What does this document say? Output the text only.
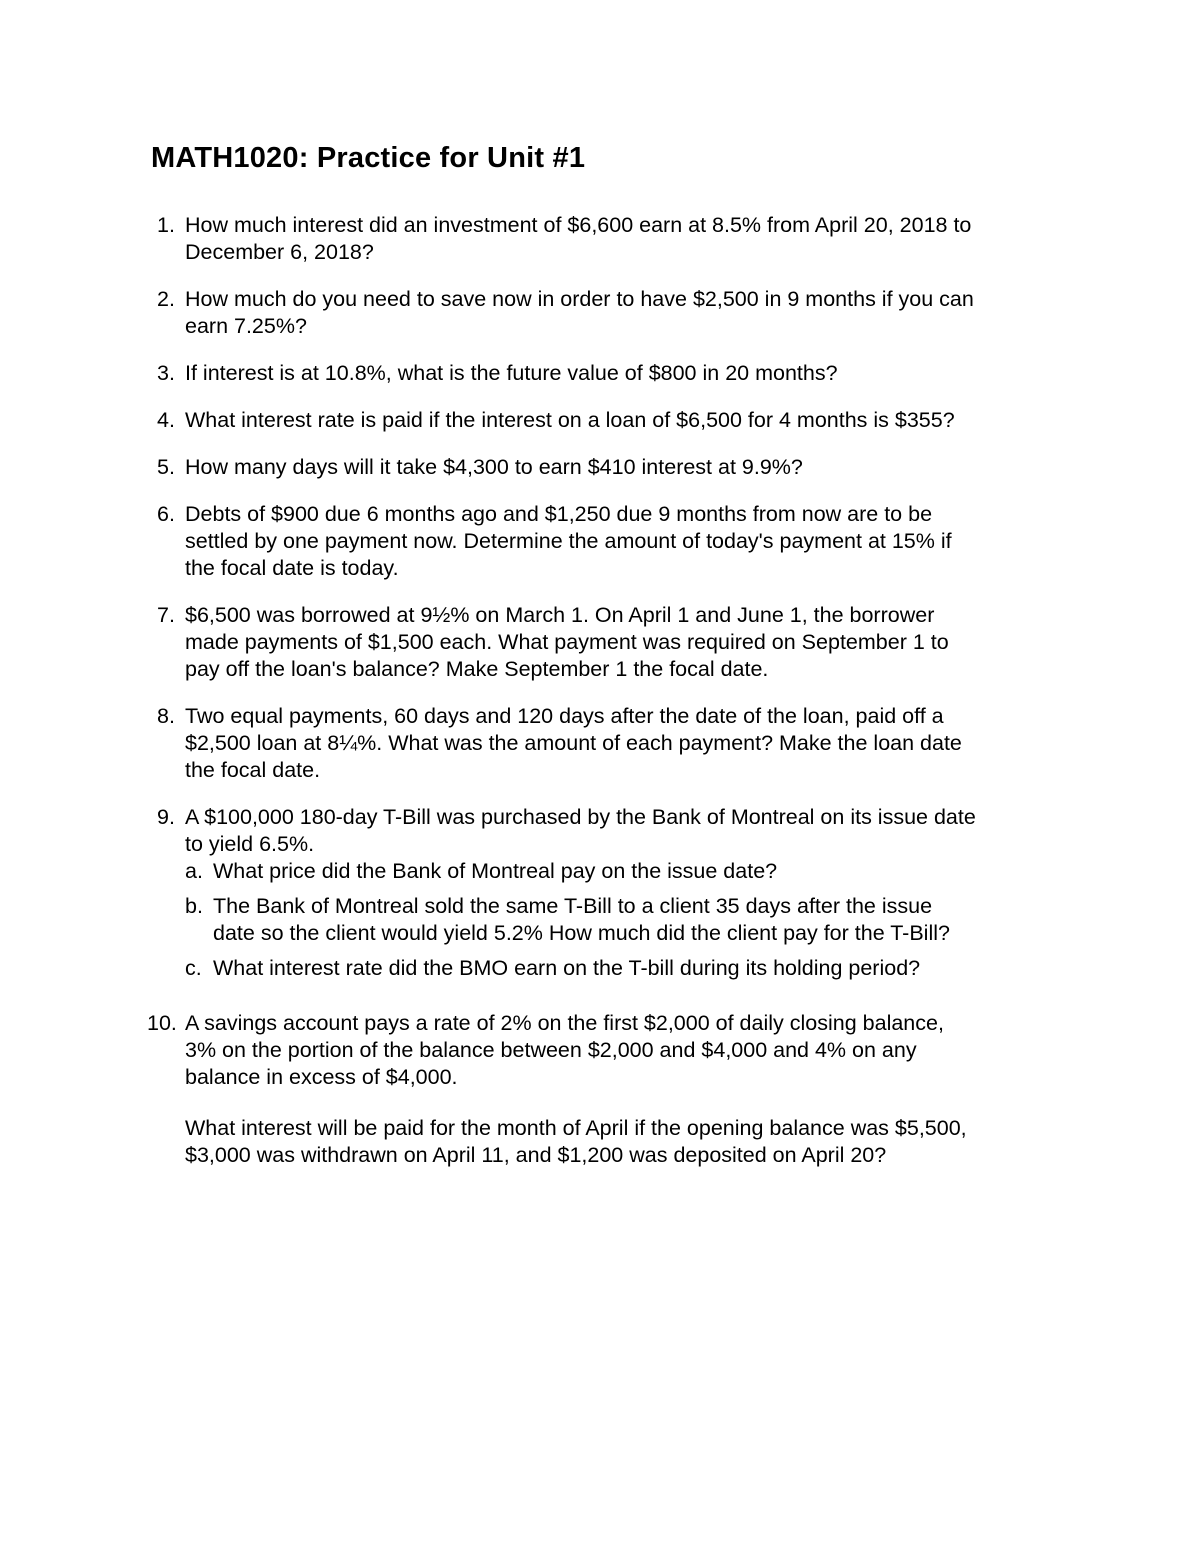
MATH1020: Practice for Unit #1
1. How much interest did an investment of $6,600 earn at 8.5% from April 20, 2018 to
December 6, 2018?
2. How much do you need to save now in order to have $2,500 in 9 months if you can
earn 7.25%?
3. If interest is at 10.8%, what is the future value of $800 in 20 months?
4. What interest rate is paid if the interest on a loan of $6,500 for 4 months is $355?
5. How many days will it take $4,300 to earn $410 interest at 9.9%?
6. Debts of $900 due 6 months ago and $1,250 due 9 months from now are to be
settled by one payment now. Determine the amount of today's payment at 15% if
the focal date is today.
7. $6,500 was borrowed at 9½% on March 1. On April 1 and June 1, the borrower
made payments of $1,500 each. What payment was required on September 1 to
pay off the loan's balance? Make September 1 the focal date.
8. Two equal payments, 60 days and 120 days after the date of the loan, paid off a
$2,500 loan at 8¼%. What was the amount of each payment? Make the loan date
the focal date.
9. A $100,000 180-day T-Bill was purchased by the Bank of Montreal on its issue date
to yield 6.5%.
a. What price did the Bank of Montreal pay on the issue date?
b. The Bank of Montreal sold the same T-Bill to a client 35 days after the issue
date so the client would yield 5.2% How much did the client pay for the T-Bill?
c. What interest rate did the BMO earn on the T-bill during its holding period?
10. A savings account pays a rate of 2% on the first $2,000 of daily closing balance,
3% on the portion of the balance between $2,000 and $4,000 and 4% on any
balance in excess of $4,000.
What interest will be paid for the month of April if the opening balance was $5,500,
$3,000 was withdrawn on April 11, and $1,200 was deposited on April 20?
